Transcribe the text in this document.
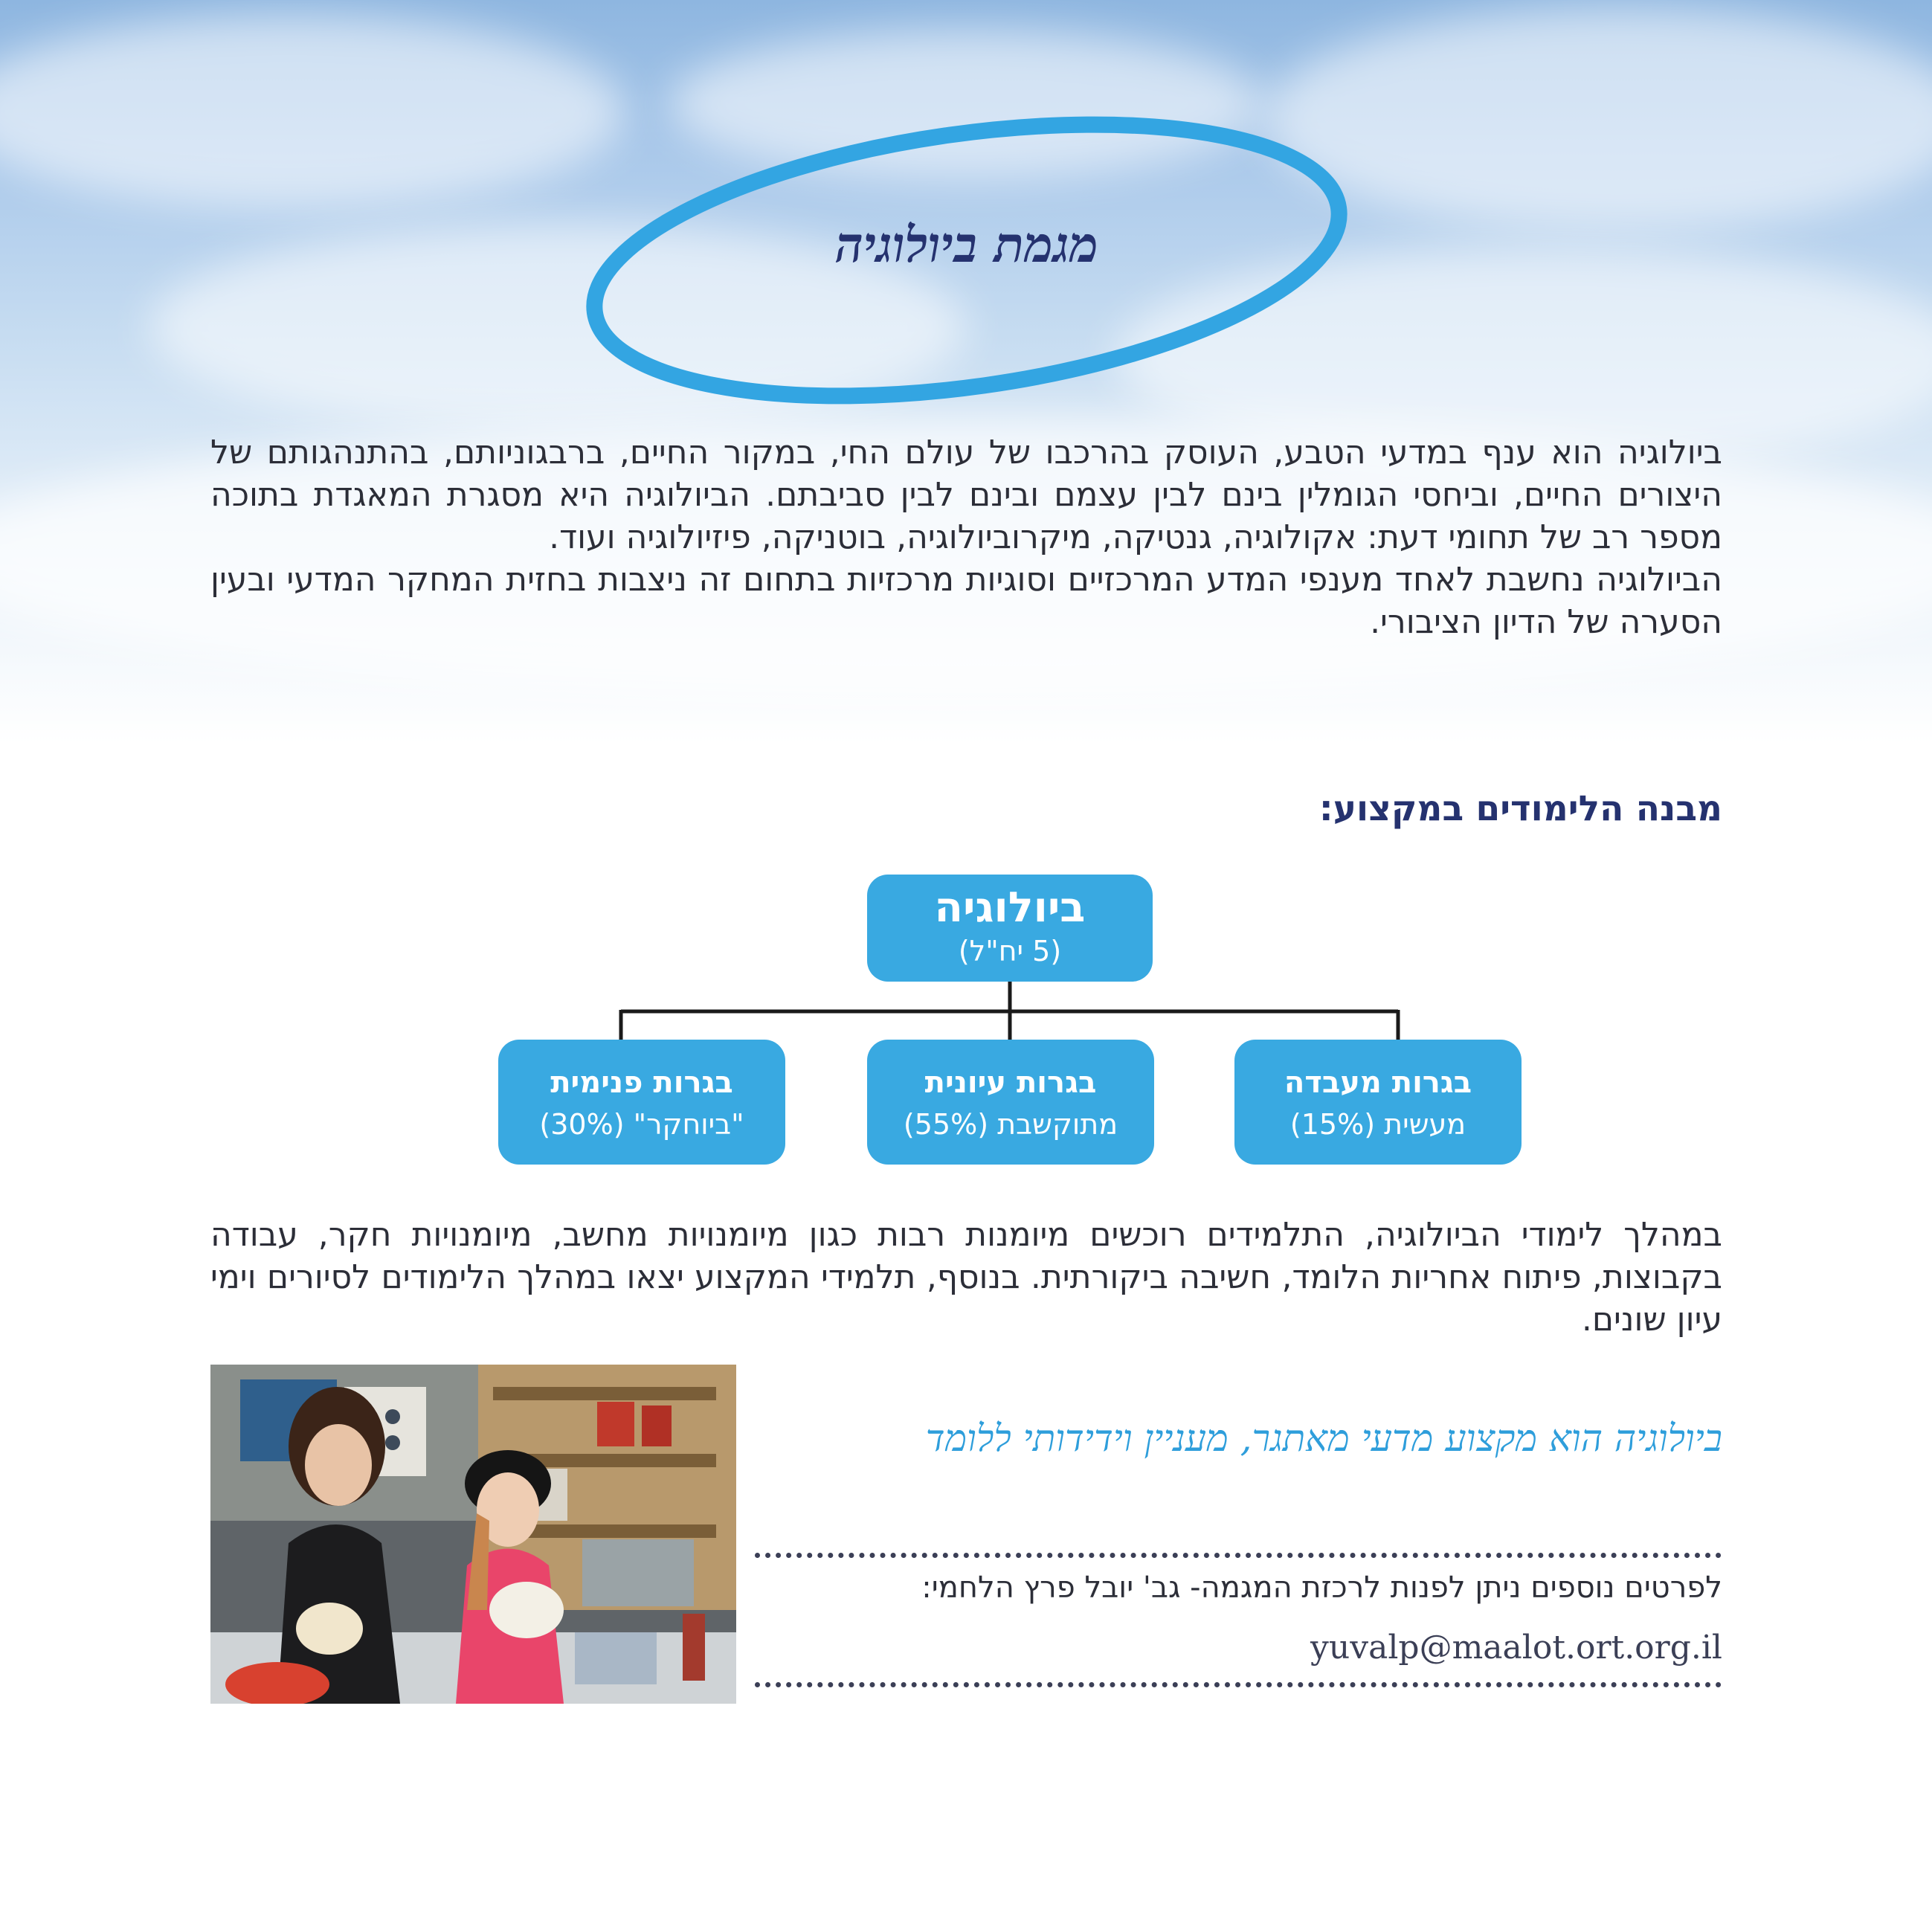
מגמת ביולוגיה

ביולוגיה הוא ענף במדעי הטבע, העוסק בהרכבו של עולם החי, במקור החיים, ברבגוניותם, בהתנהגותם של היצורים החיים, וביחסי הגומלין בינם לבין עצמם ובינם לבין סביבתם. הביולוגיה היא מסגרת המאגדת בתוכה מספר רב של תחומי דעת: אקולוגיה, גנטיקה, מיקרוביולוגיה, בוטניקה, פיזיולוגיה ועוד.
הביולוגיה נחשבת לאחד מענפי המדע המרכזיים וסוגיות מרכזיות בתחום זה ניצבות בחזית המחקר המדעי ובעין הסערה של הדיון הציבורי.

מבנה הלימודים במקצוע:
ביולוגיה
(5 יח"ל)
בגרות מעבדה
מעשית (15%)
בגרות עיונית
מתוקשבת (55%)
בגרות פנימית
"ביוחקר" (30%)

במהלך לימודי הביולוגיה, התלמידים רוכשים מיומנות רבות כגון מיומנויות מחשב, מיומנויות חקר, עבודה בקבוצות, פיתוח אחריות הלומד, חשיבה ביקורתית. בנוסף, תלמידי המקצוע יצאו במהלך הלימודים לסיורים וימי עיון שונים.

ביולוגיה הוא מקצוע מדעי מאתגר, מעניין וידידותי ללומד
לפרטים נוספים ניתן לפנות לרכזת המגמה- גב' יובל פרץ הלחמי:
yuvalp@maalot.ort.org.il
